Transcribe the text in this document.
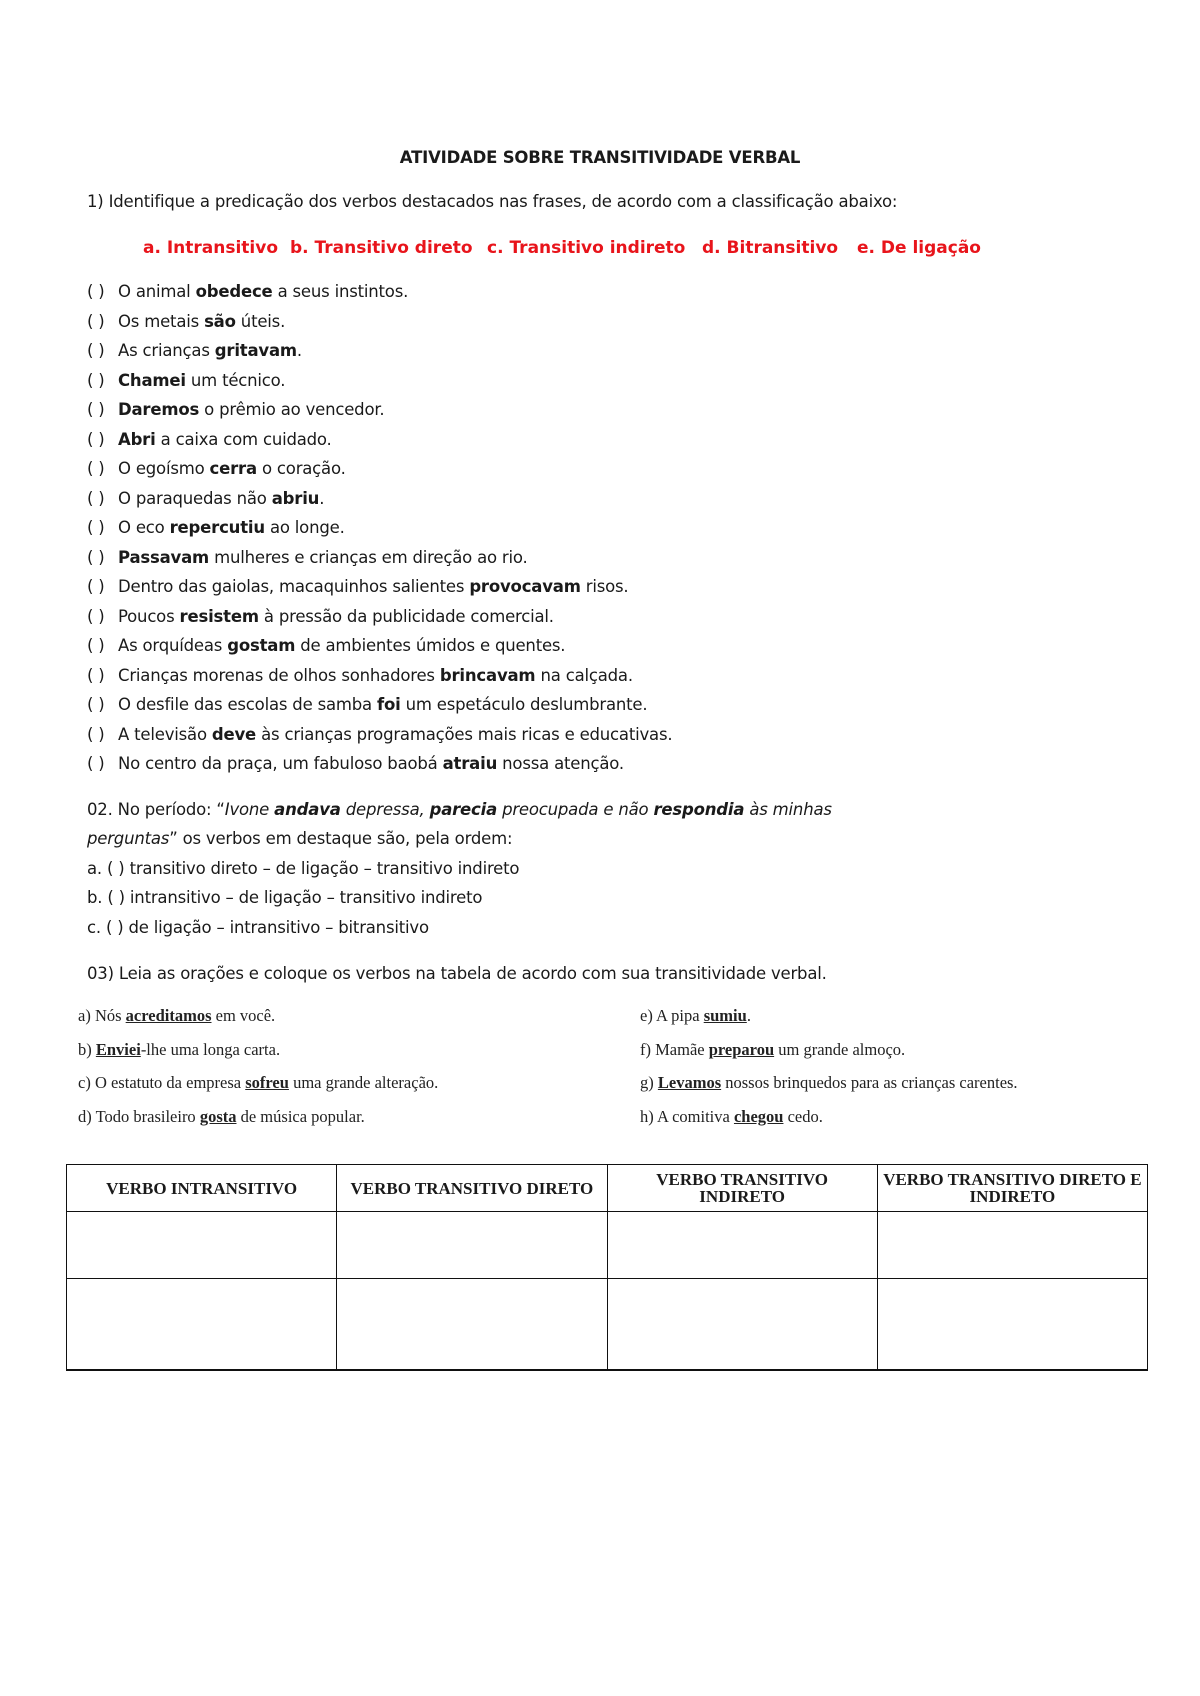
ATIVIDADE SOBRE TRANSITIVIDADE VERBAL
1) Identifique a predicação dos verbos destacados nas frases, de acordo com a classificação abaixo:
a. Intransitivo b. Transitivo direto c. Transitivo indireto d. Bitransitivo e. De ligação
( ) O animal obedece a seus instintos.
( ) Os metais são úteis.
( ) As crianças gritavam.
( ) Chamei um técnico.
( ) Daremos o prêmio ao vencedor.
( ) Abri a caixa com cuidado.
( ) O egoísmo cerra o coração.
( ) O paraquedas não abriu.
( ) O eco repercutiu ao longe.
( ) Passavam mulheres e crianças em direção ao rio.
( ) Dentro das gaiolas, macaquinhos salientes provocavam risos.
( ) Poucos resistem à pressão da publicidade comercial.
( ) As orquídeas gostam de ambientes úmidos e quentes.
( ) Crianças morenas de olhos sonhadores brincavam na calçada.
( ) O desfile das escolas de samba foi um espetáculo deslumbrante.
( ) A televisão deve às crianças programações mais ricas e educativas.
( ) No centro da praça, um fabuloso baobá atraiu nossa atenção.
02. No período: “Ivone andava depressa, parecia preocupada e não respondia às minhas
perguntas” os verbos em destaque são, pela ordem:
a. ( ) transitivo direto – de ligação – transitivo indireto
b. ( ) intransitivo – de ligação – transitivo indireto
c. ( ) de ligação – intransitivo – bitransitivo
03) Leia as orações e coloque os verbos na tabela de acordo com sua transitividade verbal.
a) Nós acreditamos em você.
b) Enviei-lhe uma longa carta.
c) O estatuto da empresa sofreu uma grande alteração.
d) Todo brasileiro gosta de música popular.
e) A pipa sumiu.
f) Mamãe preparou um grande almoço.
g) Levamos nossos brinquedos para as crianças carentes.
h) A comitiva chegou cedo.
VERBO INTRANSITIVO	VERBO TRANSITIVO DIRETO	VERBO TRANSITIVO INDIRETO	VERBO TRANSITIVO DIRETO E INDIRETO
